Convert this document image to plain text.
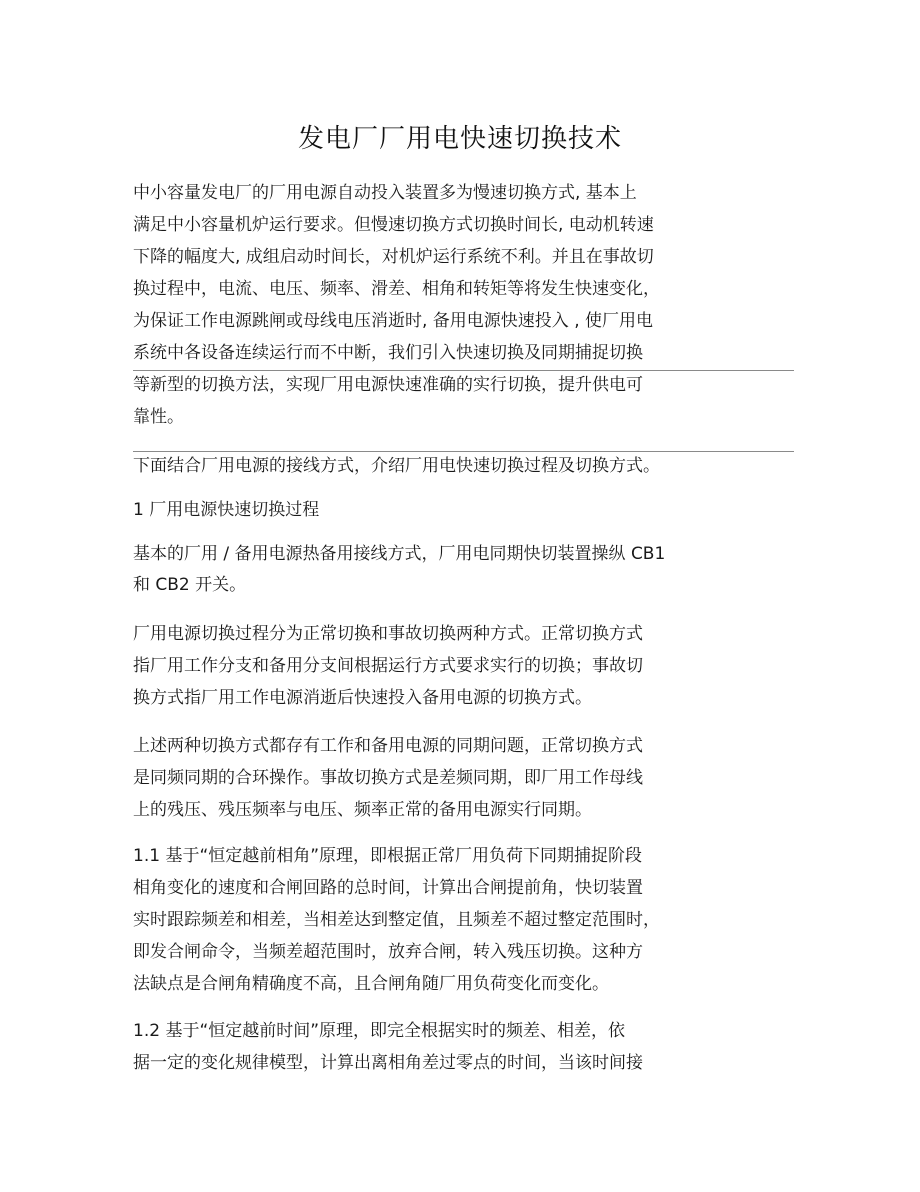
发电厂厂用电快速切换技术
中小容量发电厂的厂用电源自动投入装置多为慢速切换方式, 基本上
满足中小容量机炉运行要求。但慢速切换方式切换时间长, 电动机转速
下降的幅度大, 成组启动时间长，对机炉运行系统不利。并且在事故切
换过程中，电流、电压、频率、滑差、相角和转矩等将发生快速变化，
为保证工作电源跳闸或母线电压消逝时, 备用电源快速投入 , 使厂用电
系统中各设备连续运行而不中断，我们引入快速切换及同期捕捉切换
等新型的切换方法，实现厂用电源快速准确的实行切换，提升供电可
靠性。
下面结合厂用电源的接线方式，介绍厂用电快速切换过程及切换方式。
1 厂用电源快速切换过程
基本的厂用 / 备用电源热备用接线方式，厂用电同期快切装置操纵 CB1
和 CB2 开关。
厂用电源切换过程分为正常切换和事故切换两种方式。正常切换方式
指厂用工作分支和备用分支间根据运行方式要求实行的切换；事故切
换方式指厂用工作电源消逝后快速投入备用电源的切换方式。
上述两种切换方式都存有工作和备用电源的同期问题，正常切换方式
是同频同期的合环操作。事故切换方式是差频同期，即厂用工作母线
上的残压、残压频率与电压、频率正常的备用电源实行同期。
1.1 基于“恒定越前相角”原理，即根据正常厂用负荷下同期捕捉阶段
相角变化的速度和合闸回路的总时间，计算出合闸提前角，快切装置
实时跟踪频差和相差，当相差达到整定值，且频差不超过整定范围时，
即发合闸命令，当频差超范围时，放弃合闸，转入残压切换。这种方
法缺点是合闸角精确度不高，且合闸角随厂用负荷变化而变化。
1.2 基于“恒定越前时间”原理，即完全根据实时的频差、相差，依
据一定的变化规律模型，计算出离相角差过零点的时间，当该时间接
